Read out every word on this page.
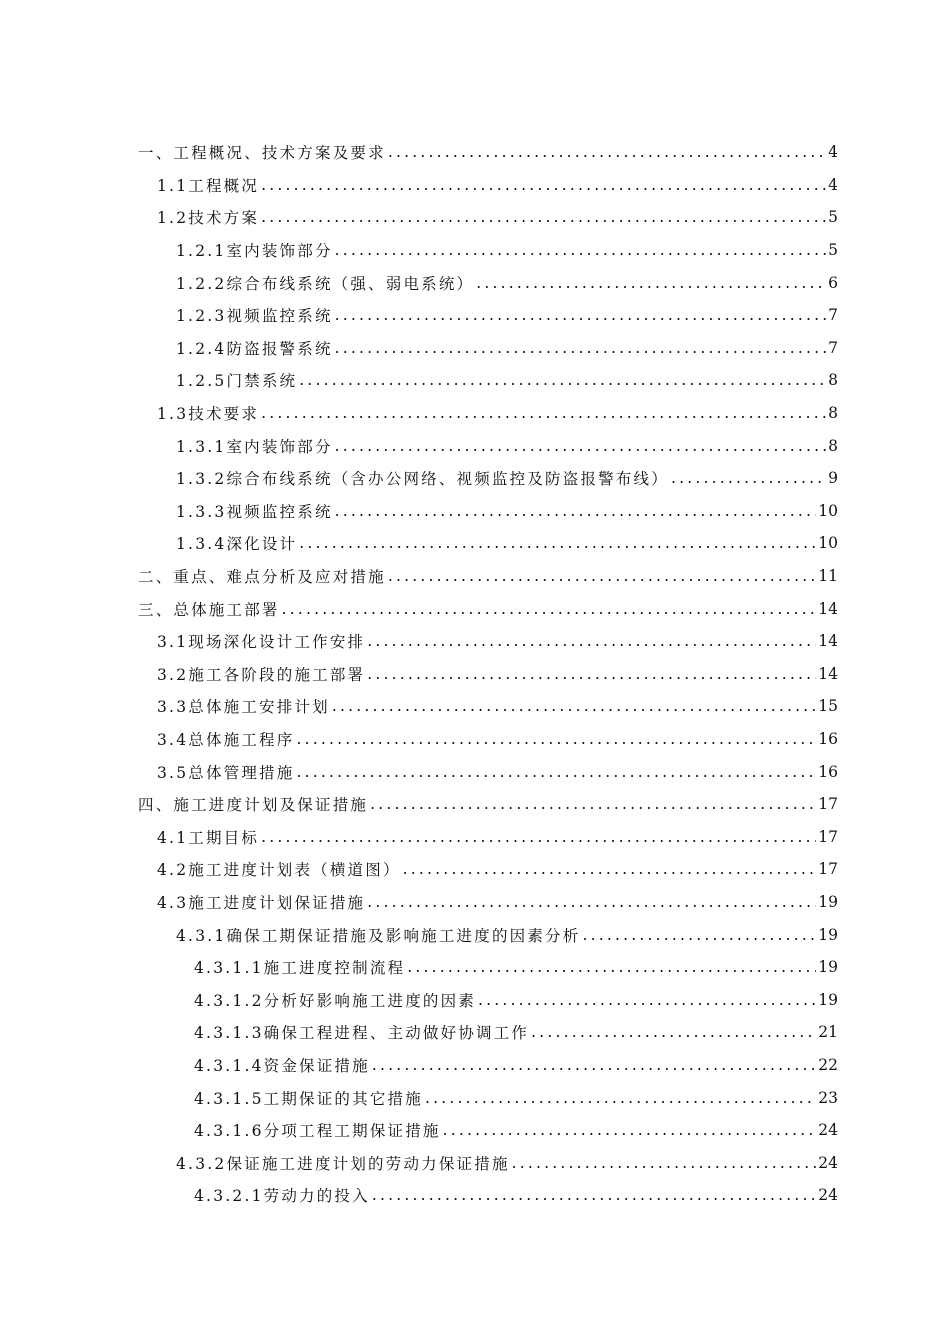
一、工程概况、技术方案及要求 .....	4
1.1工程概况 .....	4
1.2技术方案 .....	5
1.2.1室内装饰部分 .....	5
1.2.2综合布线系统（强、弱电系统） .....	6
1.2.3视频监控系统 .....	7
1.2.4防盗报警系统 .....	7
1.2.5门禁系统 .....	8
1.3技术要求 .....	8
1.3.1室内装饰部分 .....	8
1.3.2综合布线系统（含办公网络、视频监控及防盗报警布线） .....	9
1.3.3视频监控系统 .....	10
1.3.4深化设计 .....	10
二、重点、难点分析及应对措施 .....	11
三、总体施工部署 .....	14
3.1现场深化设计工作安排 .....	14
3.2施工各阶段的施工部署 .....	14
3.3总体施工安排计划 .....	15
3.4总体施工程序 .....	16
3.5总体管理措施 .....	16
四、施工进度计划及保证措施 .....	17
4.1工期目标 .....	17
4.2施工进度计划表（横道图） .....	17
4.3施工进度计划保证措施 .....	19
4.3.1确保工期保证措施及影响施工进度的因素分析 .....	19
4.3.1.1施工进度控制流程 .....	19
4.3.1.2分析好影响施工进度的因素 .....	19
4.3.1.3确保工程进程、主动做好协调工作 .....	21
4.3.1.4资金保证措施 .....	22
4.3.1.5工期保证的其它措施 .....	23
4.3.1.6分项工程工期保证措施 .....	24
4.3.2保证施工进度计划的劳动力保证措施 .....	24
4.3.2.1劳动力的投入 .....	24
